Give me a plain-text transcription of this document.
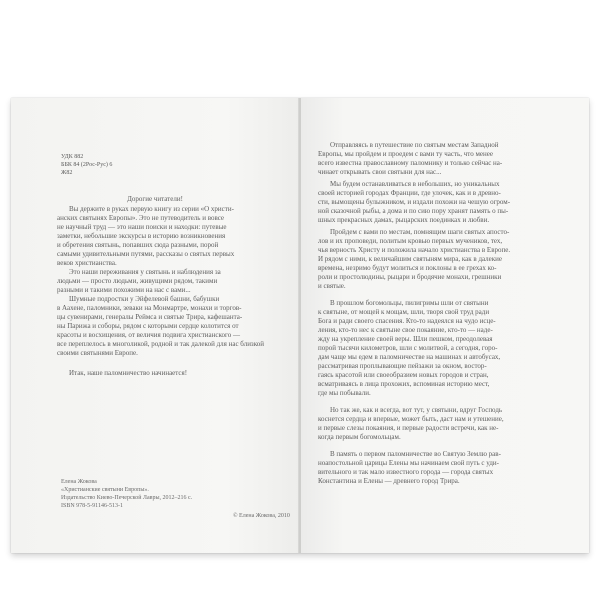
УДК 882
ББК 84 (2Рос-Рус) 6
Ж82
Дорогие читатели!

Вы держите в руках первую книгу из серии «О христи-
анских святынях Европы». Это не путеводитель и вовсе
не научный труд — это наши поиски и находки: путевые
заметки, небольшие экскурсы в историю возникновения
и обретения святынь, попавших сюда разными, порой
самыми удивительными путями, рассказы о святых первых
веков христианства.

Это наши переживания у святынь и наблюдения за
людьми — просто людьми, живущими рядом, такими
разными и такими похожими на нас с вами...

Шумные подростки у Эйфелевой башни, бабушки
в Аахене, паломники, зеваки на Монмартре, монахи и торгов-
цы сувенирами, генералы Реймса и святые Трира, кафешанта-
ны Парижа и соборы, рядом с которыми сердце колотится от
красоты и восхищения, от величия подвига христианского —
все переплелось в многоликой, родной и так далекой для нас близкой
своими святынями Европе.

Итак, наше паломничество начинается!

Елена Жокова
«Христианские святыни Европы».
Издательство Киево-Печерской Лавры, 2012–216 с.
ISBN 978-5-91146-513-1
© Елена Жокова, 2010

Отправляясь в путешествие по святым местам Западной
Европы, мы пройдем и проедем с вами ту часть, что менее
всего известна православному паломнику и только сейчас на-
чинает открывать свои святыни для нас...

Мы будем останавливаться в небольших, но уникальных
своей историей городах Франции, где улочек, как и в древно-
сти, вымощены булыжником, и издали похожи на чешую огром-
ной сказочной рыбы, а дома и по сию пору хранят память о пы-
шных прекрасных дамах, рыцарских поединках и любви.

Пройдем с вами по местам, помнящим шаги святых апосто-
лов и их проповеди, политым кровью первых мучеников, тех,
чья верность Христу и положила начало христианства в Европе.
И рядом с ними, к величайшим святыням мира, как в далекие
времена, незримо будут молиться и поклоны в ее грехах ко-
роли и простолюдины, рыцари и бродячие монахи, грешники
и святые.

В прошлом богомольцы, пилигримы шли от святыни
к святыне, от мощей к мощам, шли, творя свой труд ради
Бога и ради своего спасения. Кто-то надеялся на чудо исце-
ления, кто-то нес к святыне свое покаяние, кто-то — наде-
жду на укрепление своей веры. Шли пешком, преодолевая
порой тысячи километров, шли с молитвой, а сегодня, горо-
дам чаще мы едем в паломничестве на машинах и автобусах,
рассматривая проплывающие пейзажи за окном, востор-
гаясь красотой или своеобразием новых городов и стран,
всматриваясь в лица прохожих, вспоминая историю мест,
где мы побывали.

Но так же, как и всегда, вот тут, у святыни, вдруг Господь
коснется сердца и впервые, может быть, даст нам и утешение,
и первые слезы покаяния, и первые радости встречи, как не-
когда первым богомольцам.

В память о первом паломничестве во Святую Землю рав-
ноапостольной царицы Елены мы начинаем свой путь с уди-
вительного и так мало известного города — города святых
Константина и Елены — древнего город Трира.
